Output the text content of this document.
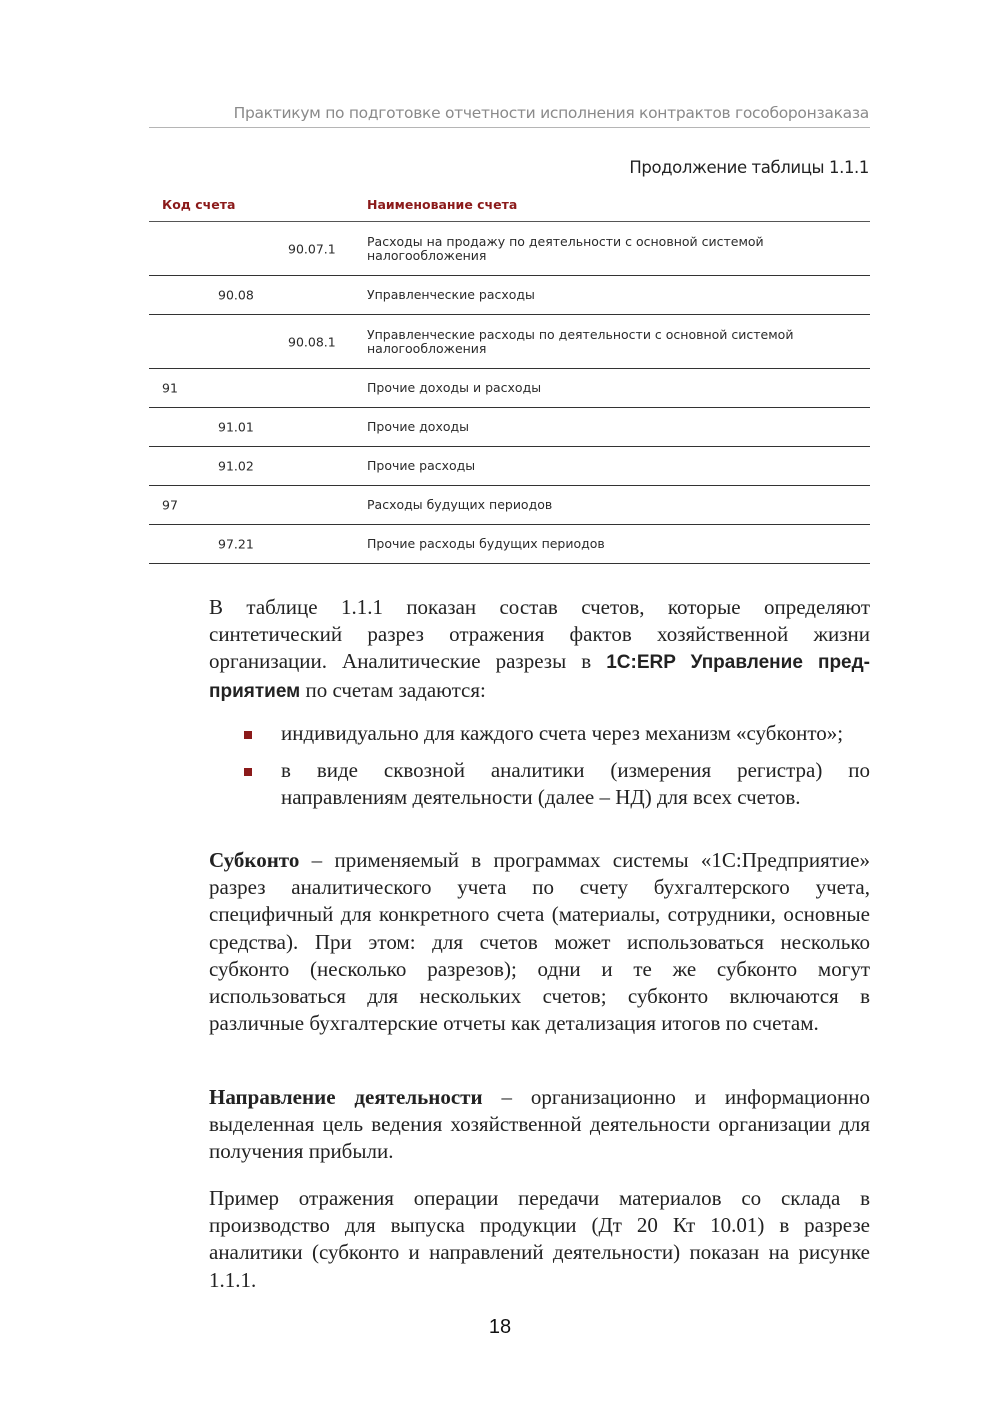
Практикум по подготовке отчетности исполнения контрактов гособоронзаказа
Продолжение таблицы 1.1.1
Код счета	Наименование счета
90.07.1	Расходы на продажу по деятельности с основной системой налогообложения
90.08	Управленческие расходы
90.08.1	Управленческие расходы по деятельности с основной системой налогообложения
91	Прочие доходы и расходы
91.01	Прочие доходы
91.02	Прочие расходы
97	Расходы будущих периодов
97.21	Прочие расходы будущих периодов
В таблице 1.1.1 показан состав счетов, которые определяют синтетический разрез отражения фактов хозяйственной жизни организации. Аналитические разрезы в 1С:ERP Управление предприятием по счетам задаются:
индивидуально для каждого счета через механизм «субконто»;
в виде сквозной аналитики (измерения регистра) по направлениям деятельности (далее – НД) для всех счетов.
Субконто – применяемый в программах системы «1С:Предприятие» разрез аналитического учета по счету бухгалтерского учета, специфичный для конкретного счета (материалы, сотрудники, основные средства). При этом: для счетов может использоваться несколько субконто (несколько разрезов); одни и те же субконто могут использоваться для нескольких счетов; субконто включаются в различные бухгалтерские отчеты как детализация итогов по счетам.
Направление деятельности – организационно и информационно выделенная цель ведения хозяйственной деятельности организации для получения прибыли.
Пример отражения операции передачи материалов со склада в производство для выпуска продукции (Дт 20 Кт 10.01) в разрезе аналитики (субконто и направлений деятельности) показан на рисунке 1.1.1.
18
